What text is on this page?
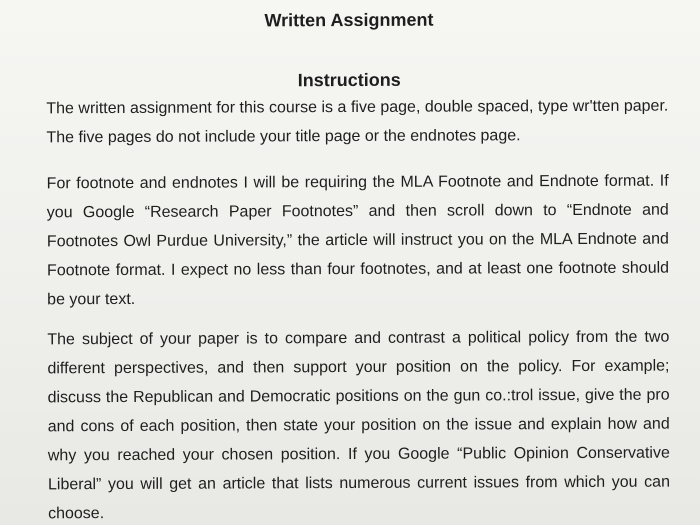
Written Assignment
Instructions

The written assignment for this course is a five page, double spaced, type wr'tten paper. The five pages do not include your title page or the endnotes page.

For footnote and endnotes I will be requiring the MLA Footnote and Endnote format. If you Google “Research Paper Footnotes” and then scroll down to “Endnote and Footnotes Owl Purdue University,” the article will instruct you on the MLA Endnote and Footnote format. I expect no less than four footnotes, and at least one footnote should be your text.

The subject of your paper is to compare and contrast a political policy from the two different perspectives, and then support your position on the policy. For example; discuss the Republican and Democratic positions on the gun co.:trol issue, give the pro and cons of each position, then state your position on the issue and explain how and why you reached your chosen position. If you Google “Public Opinion Conservative Liberal” you will get an article that lists numerous current issues from which you can choose.
